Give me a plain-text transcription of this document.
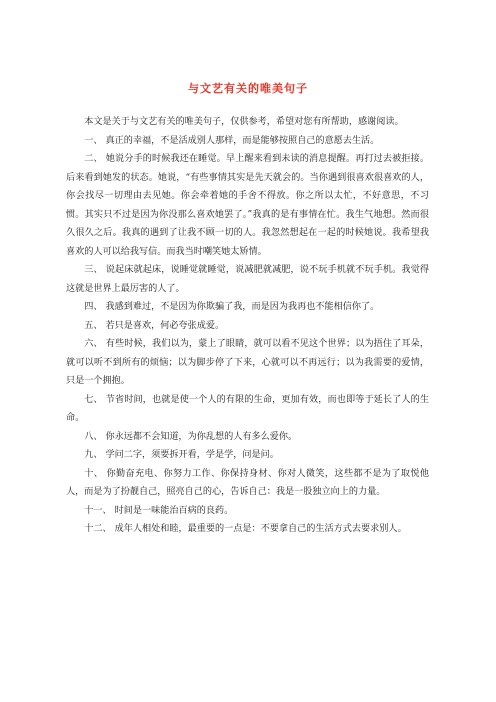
与文艺有关的唯美句子

本文是关于与文艺有关的唯美句子，仅供参考，希望对您有所帮助，感谢阅读。

一、 真正的幸福，不是活成别人那样，而是能够按照自己的意愿去生活。

二、 她说分手的时候我还在睡觉。早上醒来看到未读的消息提醒。再打过去被拒接。后来看到她发的状态。她说，“有些事情其实是先天就会的。当你遇到很喜欢很喜欢的人，你会找尽一切理由去见她。你会牵着她的手舍不得放。你之所以太忙，不好意思，不习惯。其实只不过是因为你没那么喜欢她罢了。”我真的是有事情在忙。我生气地想。然而很久很久之后。我真的遇到了让我不顾一切的人。我忽然想起在一起的时候她说。我希望我喜欢的人可以给我写信。而我当时嘲笑她太矫情。

三、 说起床就起床，说睡觉就睡觉，说减肥就减肥，说不玩手机就不玩手机。我觉得这就是世界上最厉害的人了。

四、 我感到难过，不是因为你欺骗了我，而是因为我再也不能相信你了。

五、 若只是喜欢，何必夸张成爱。

六、 有些时候，我们以为，蒙上了眼睛，就可以看不见这个世界；以为捂住了耳朵，就可以听不到所有的烦恼；以为脚步停了下来，心就可以不再远行；以为我需要的爱情，只是一个拥抱。

七、 节省时间，也就是使一个人的有限的生命，更加有效，而也即等于延长了人的生命。

八、 你永远都不会知道，为你乱想的人有多么爱你。

九、 学问二字，须要拆开看，学是学，问是问。

十、 你勤奋充电、你努力工作、你保持身材、你对人微笑，这些都不是为了取悦他人，而是为了扮靓自己，照亮自己的心，告诉自己：我是一股独立向上的力量。

十一、 时间是一味能治百病的良药。

十二、 成年人相处和睦，最重要的一点是：不要拿自己的生活方式去要求别人。
